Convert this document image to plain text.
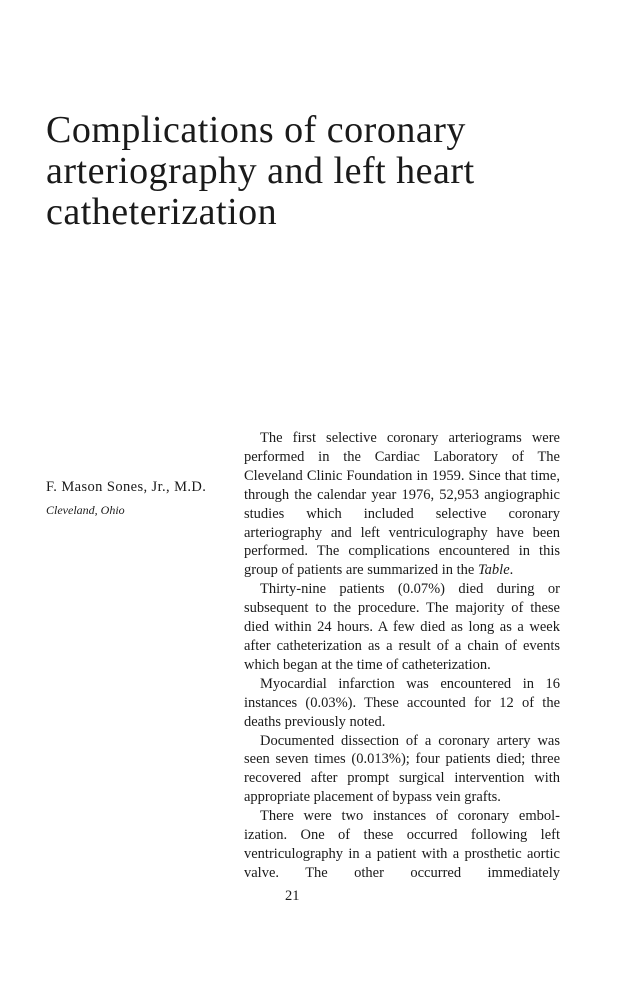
Complications of coronary
arteriography and left heart
catheterization

F. Mason Sones, Jr., M.D.

Cleveland, Ohio

The first selective coronary arteriograms were performed in the Cardiac Laboratory of The Cleveland Clinic Foundation in 1959. Since that time, through the calendar year 1976, 52,953 angiographic studies which included selective coronary arteriography and left ventriculography have been performed. The complications encountered in this group of patients are summarized in the Table.

Thirty-nine patients (0.07%) died during or subsequent to the procedure. The majority of these died within 24 hours. A few died as long as a week after catheterization as a result of a chain of events which began at the time of catheterization.

Myocardial infarction was encountered in 16 instances (0.03%). These accounted for 12 of the deaths previously noted.

Documented dissection of a coronary artery was seen seven times (0.013%); four patients died; three recovered after prompt surgical intervention with appropriate placement of bypass vein grafts.

There were two instances of coronary embolization. One of these occurred following left ventriculography in a patient with a prosthetic aortic valve. The other occurred immediately

21
